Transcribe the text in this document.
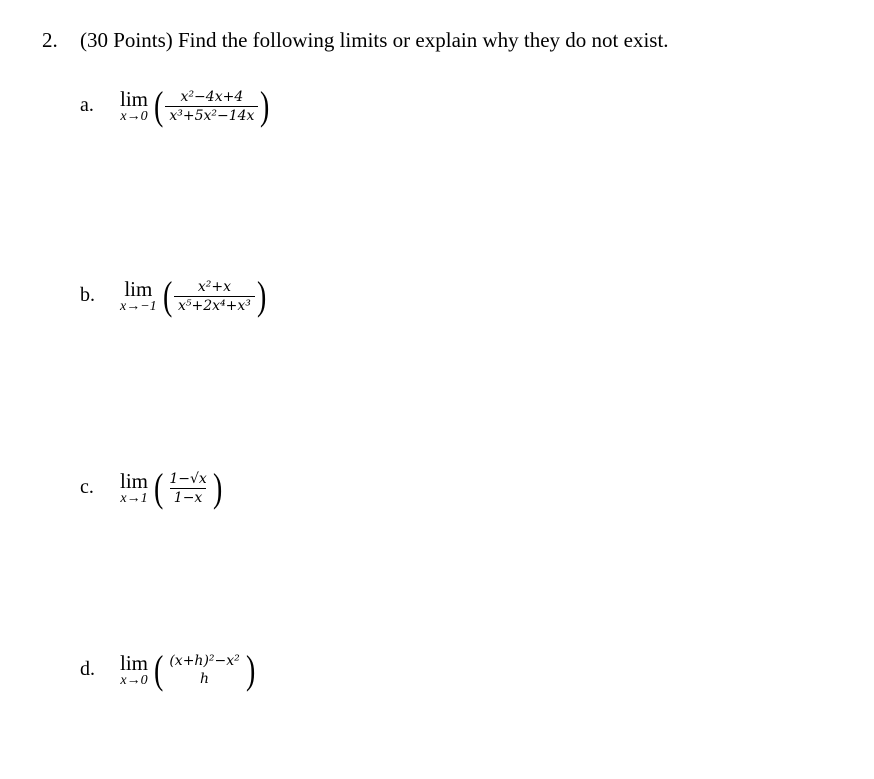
2. (30 Points) Find the following limits or explain why they do not exist.
a.	lim
x→0 ( $\frac{\text{x²−4x+4}}{\text{x³+5x²−14x}}$ )
b.	lim
x→−1 ( $\frac{\text{x²+x}}{\text{x⁵+2x⁴+x³}}$ )
c.	lim
x→1 ( $\frac{1-√x}{1-x}$ )
d.	lim
x→0 ( (x+h)²−x²
h )
